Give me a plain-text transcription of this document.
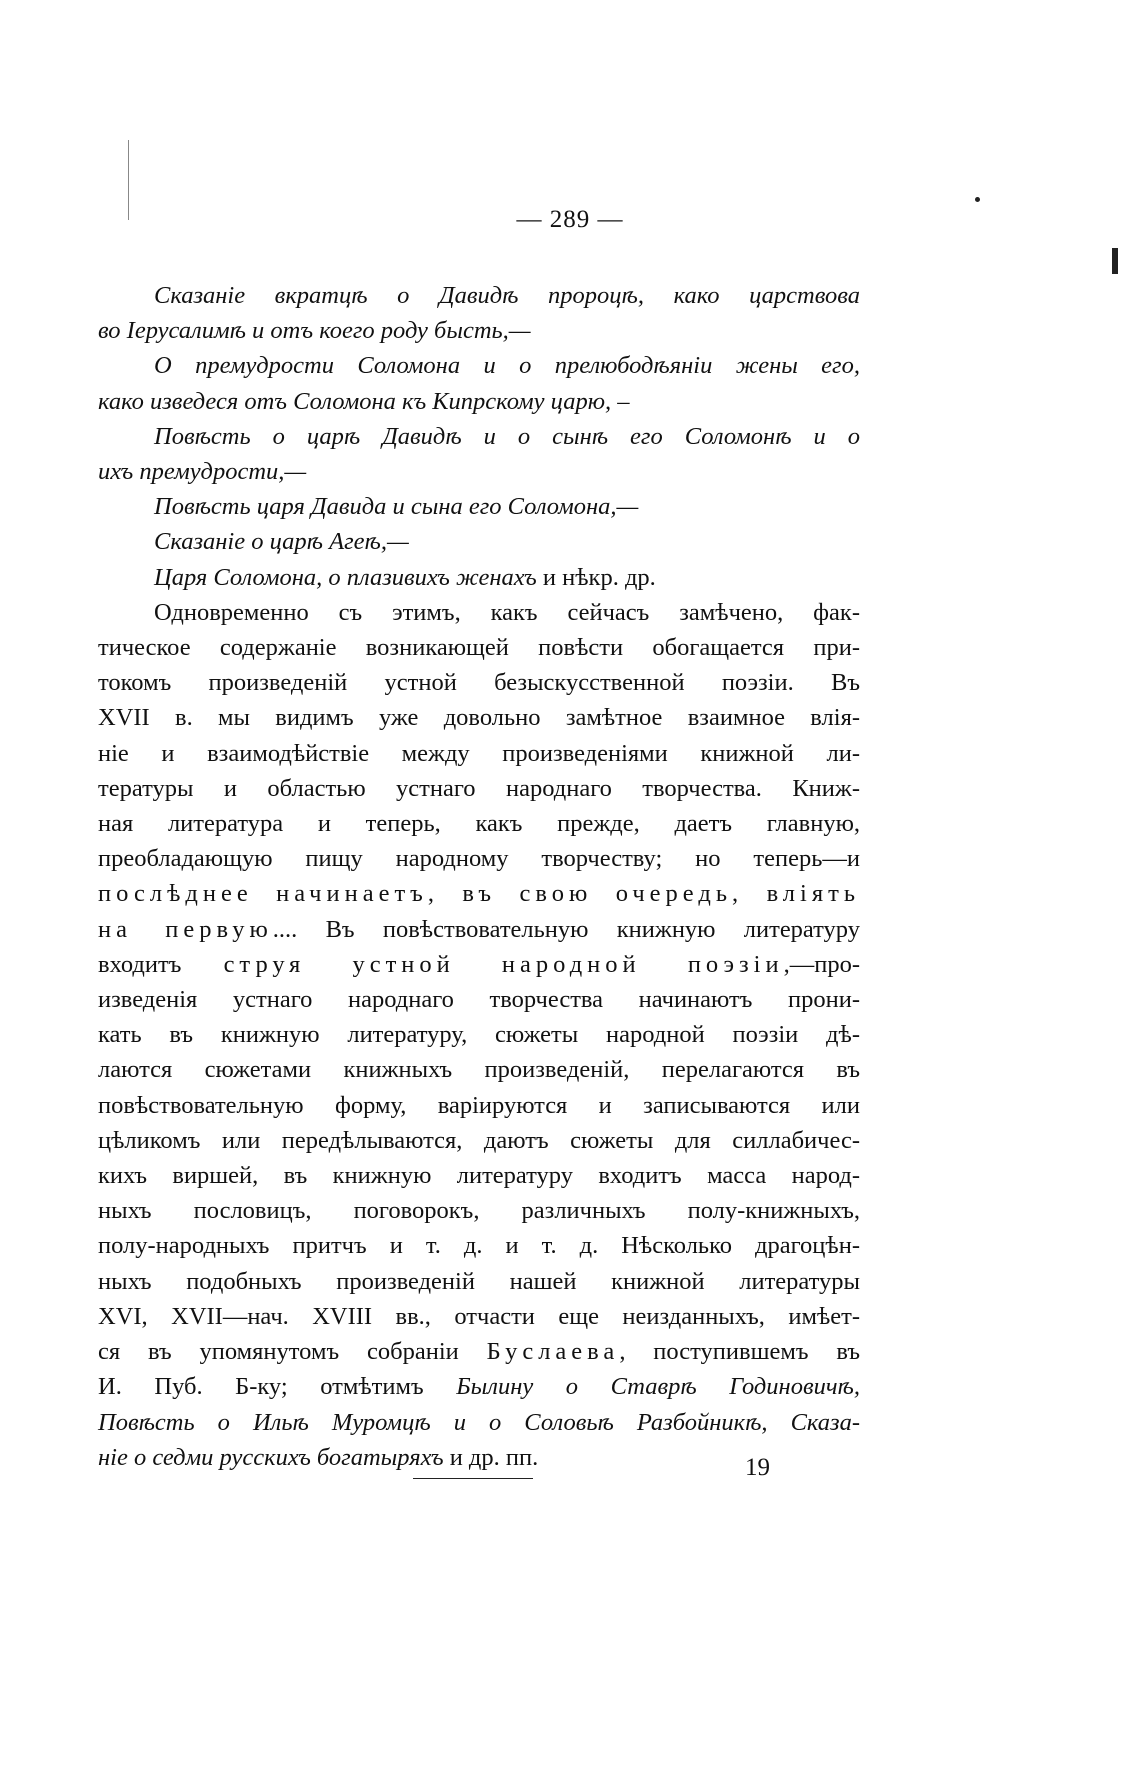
— 289 —
Сказаніе вкратцѣ о Давидѣ пророцѣ, како царствова
во Іерусалимѣ и отъ коего роду бысть,—
О премудрости Соломона и о прелюбодѣяніи жены его,
како изведеся отъ Соломона къ Кипрскому царю, –
Повѣсть о царѣ Давидѣ и о сынѣ его Соломонѣ и о
ихъ премудрости,—
Повѣсть царя Давида и сына его Соломона,—
Сказаніе о царѣ Агеѣ,—
Царя Соломона, о плазивихъ женахъ и нѣкр. др.
Одновременно съ этимъ, какъ сейчасъ замѣчено, фак-
тическое содержаніе возникающей повѣсти обогащается при-
токомъ произведеній устной безыскусственной поэзіи. Въ
XVII в. мы видимъ уже довольно замѣтное взаимное влія-
ніе и взаимодѣйствіе между произведеніями книжной ли-
тературы и областью устнаго народнаго творчества. Книж-
ная литература и теперь, какъ прежде, даетъ главную,
преобладающую пищу народному творчеству; но теперь—и
послѣднее начинаетъ, въ свою очередь, вліять
на первую.... Въ повѣствовательную книжную литературу
входитъ струя устной народной поэзіи,—про-
изведенія устнаго народнаго творчества начинаютъ прони-
кать въ книжную литературу, сюжеты народной поэзіи дѣ-
лаются сюжетами книжныхъ произведеній, перелагаются въ
повѣствовательную форму, варіируются и записываются или
цѣликомъ или передѣлываются, даютъ сюжеты для силлабичес-
кихъ виршей, въ книжную литературу входитъ масса народ-
ныхъ пословицъ, поговорокъ, различныхъ полу-книжныхъ,
полу-народныхъ притчъ и т. д. и т. д. Нѣсколько драгоцѣн-
ныхъ подобныхъ произведеній нашей книжной литературы
XVI, XVII—нач. XVIII вв., отчасти еще неизданныхъ, имѣет-
ся въ упомянутомъ собраніи Буслаева, поступившемъ въ
И. Пуб. Б-ку; отмѣтимъ Былину о Ставрѣ Годиновичѣ,
Повѣсть о Ильѣ Муромцѣ и о Соловьѣ Разбойникѣ, Сказа-
ніе о седми русскихъ богатыряхъ и др. пп.	19
